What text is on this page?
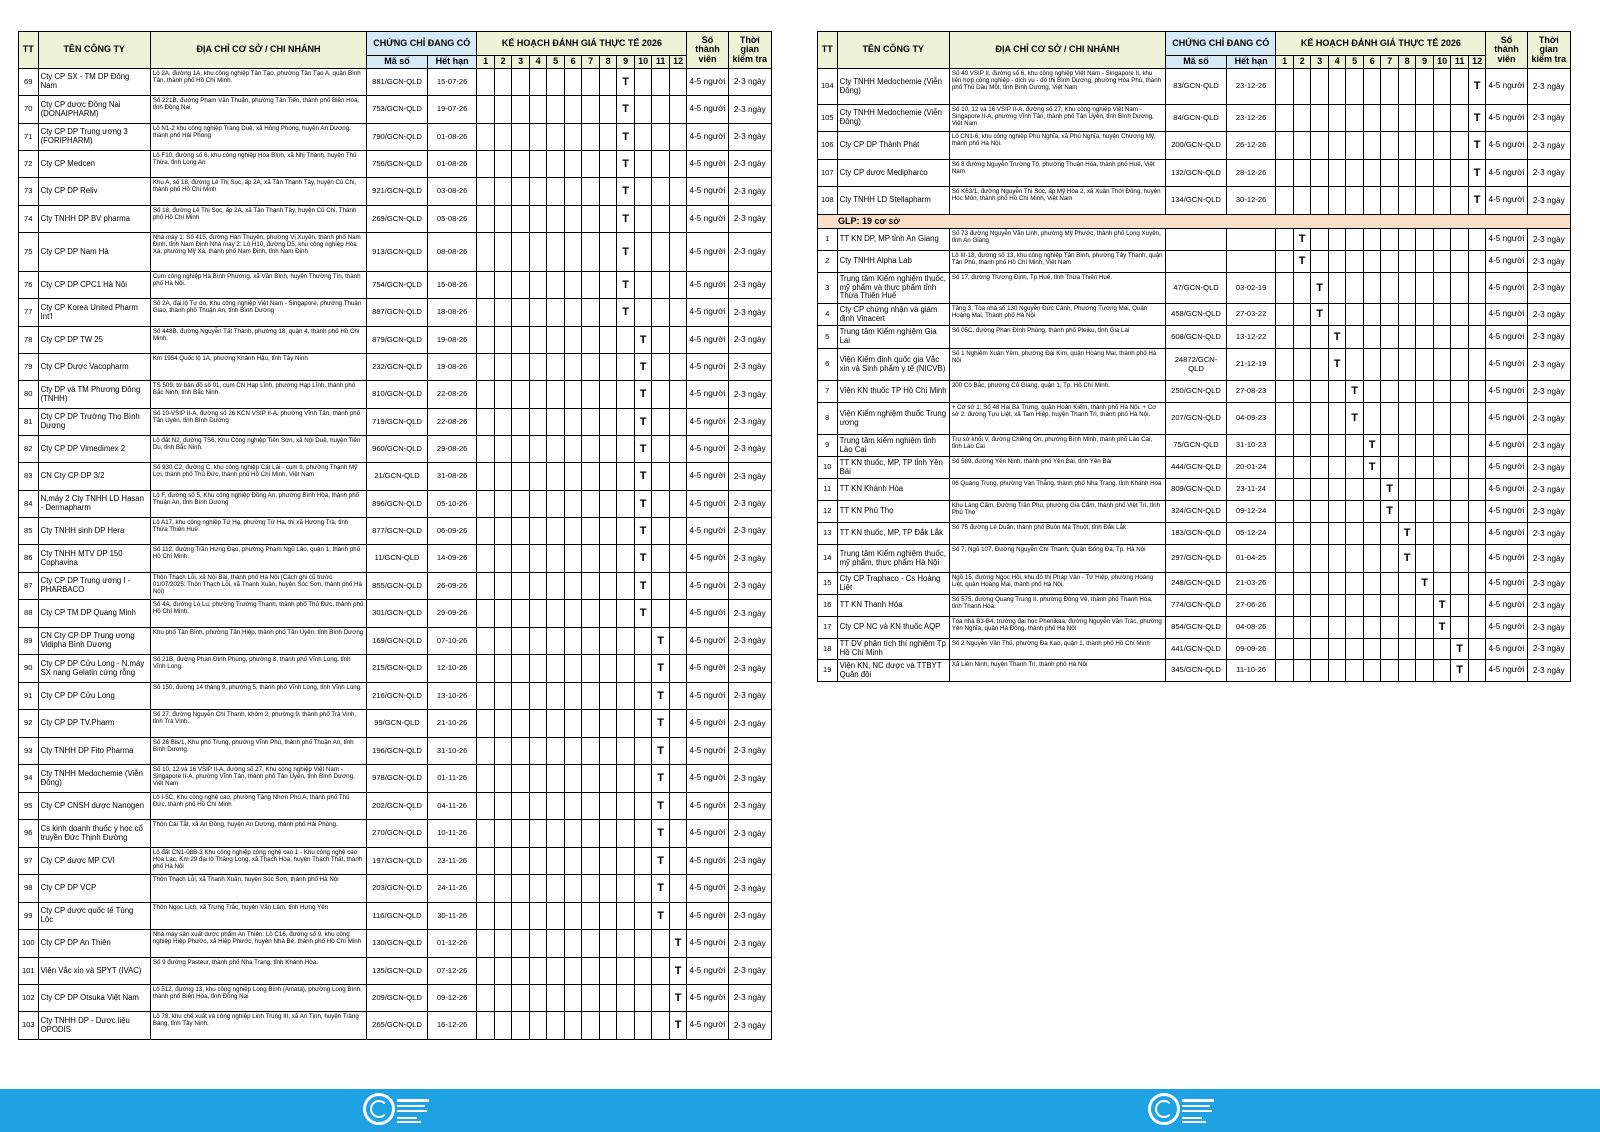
TT	TÊN CÔNG TY	ĐỊA CHỈ CƠ SỞ / CHI NHÁNH	CHỨNG CHỈ ĐANG CÓ		KẾ HOẠCH ĐÁNH GIÁ THỰC TẾ 2026												Số thành viên	Thời gian kiểm tra
			Mã số	Hết hạn	1	2	3	4	5	6	7	8	9	10	11	12		
69	Cty CP SX - TM DP Đông Nam	Lô 2A, đường 1A, khu công nghiệp Tân Tạo, phường Tân Tạo A, quận Bình Tân, thành phố Hồ Chí Minh.	881/GCN-QLD	15-07-26									T				4-5 người	2-3 ngày
70	Cty CP dược Đồng Nai (DONAIPHARM)	Số 221B, đường Phạm Văn Thuận, phường Tân Tiến, thành phố Biên Hòa, tỉnh Đồng Nai.	753/GCN-QLD	19-07-26									T				4-5 người	2-3 ngày
71	Cty CP DP Trung ương 3 (FORIPHARM)	Lô N1-2 khu công nghiệp Tràng Duệ, xã Hồng Phong, huyện An Dương, thành phố Hải Phòng	790/GCN-QLD	01-08-26									T				4-5 người	2-3 ngày
72	Cty CP Medcen	Lô F10, đường số 6, khu công nghiệp Hòa Bình, xã Nhị Thành, huyện Thủ Thừa, tỉnh Long An	756/GCN-QLD	01-08-26									T				4-5 người	2-3 ngày
73	Cty CP DP Reliv	Khu A, số 18, đường Lê Thị Sọc, ấp 2A, xã Tân Thạnh Tây, huyện Củ Chi, thành phố Hồ Chí Minh	921/GCN-QLD	03-08-26									T				4-5 người	2-3 ngày
74	Cty TNHH DP BV pharma	Số 18, đường Lê Thị Sọc, ấp 2A, xã Tân Thạnh Tây, huyện Củ Chi, Thành phố Hồ Chí Minh	269/GCN-QLD	05-08-26									T				4-5 người	2-3 ngày
75	Cty CP DP Nam Hà	Nhà máy 1: Số 415, đường Hàn Thuyên, phường Vị Xuyên, thành phố Nam Định, tỉnh Nam Định Nhà máy 2: Lô H10, đường D5, khu công nghiệp Hòa Xá, phường Mỹ Xá, thành phố Nam Định, tỉnh Nam Định	913/GCN-QLD	08-08-26									T				4-5 người	2-3 ngày
76	Cty CP DP CPC1 Hà Nội	Cụm công nghiệp Hà Bình Phương, xã Văn Bình, huyện Thường Tín, thành phố Hà Nội.	754/GCN-QLD	15-08-26									T				4-5 người	2-3 ngày
77	Cty CP Korea United Pharm Int'l	Số 2A, đại lộ Tự do, Khu công nghiệp Việt Nam - Singapore, phường Thuận Giao, thành phố Thuận An, tỉnh Bình Dương	887/GCN-QLD	18-08-26									T				4-5 người	2-3 ngày
78	Cty CP DP TW 25	Số 448B, đường Nguyễn Tất Thành, phường 18, quận 4, thành phố Hồ Chí Minh.	879/GCN-QLD	19-08-26										T			4-5 người	2-3 ngày
79	Cty CP Dược Vacopharm	Km 1954 Quốc lộ 1A, phường Khánh Hậu, tỉnh Tây Ninh	232/GCN-QLD	19-08-26										T			4-5 người	2-3 ngày
80	Cty DP và TM Phương Đông (TNHH)	TS 509, tờ bản đồ số 01, cụm CN Hạp Lĩnh, phường Hạp Lĩnh, thành phố Bắc Ninh, tỉnh Bắc Ninh.	810/GCN-QLD	22-08-26										T			4-5 người	2-3 ngày
81	Cty CP DP Trường Thọ Bình Dương	Số 10-VSIP II-A, đường số 26 KCN VSIP II-A, phường Vĩnh Tân, thành phố Tân Uyên, tỉnh Bình Dương	719/GCN-QLD	22-08-26										T			4-5 người	2-3 ngày
82	Cty CP DP Vimedimex 2	Lô đất N2, đường TS6, Khu Công nghiệp Tiên Sơn, xã Nội Duệ, huyện Tiên Du, tỉnh Bắc Ninh.	960/GCN-QLD	29-08-26										T			4-5 người	2-3 ngày
83	CN Cty CP DP 3/2	Số 930 C2, đường C, khu công nghiệp Cát Lái - cụm II, phường Thạnh Mỹ Lợi, thành phố Thủ Đức, thành phố Hồ Chí Minh, Việt Nam	21/GCN-QLD	31-08-26										T			4-5 người	2-3 ngày
84	N.máy 2 Cty TNHH LD Hasan - Dermapharm	Lô F, đường số 5, Khu công nghiệp Đồng An, phường Bình Hòa, thành phố Thuận An, tỉnh Bình Dương	896/GCN-QLD	05-10-26										T			4-5 người	2-3 ngày
85	Cty TNHH sinh DP Hera	Lô A17, khu công nghiệp Tứ Hạ, phường Tứ Hạ, thị xã Hương Trà, tỉnh Thừa Thiên Huế	877/GCN-QLD	06-09-26										T			4-5 người	2-3 ngày
86	Cty TNHH MTV DP 150 Cophavina	Số 112, đường Trần Hưng Đạo, phường Phạm Ngũ Lão, quận 1, thành phố Hồ Chí Minh.	11/GCN-QLD	14-09-26										T			4-5 người	2-3 ngày
87	Cty CP DP Trung ương I - PHARBACO	Thôn Thạch Lỗi, xã Nội Bài, thành phố Hà Nội (Cách ghi cũ trước 01/07/2025: Thôn Thạch Lỗi, xã Thanh Xuân, huyện Sóc Sơn, thành phố Hà Nội)	855/GCN-QLD	26-09-26										T			4-5 người	2-3 ngày
88	Cty CP TM DP Quang Minh	Số 4A, đường Lò Lu, phường Trường Thạnh, thành phố Thủ Đức, thành phố Hồ Chí Minh.	301/GCN-QLD	29-09-26										T			4-5 người	2-3 ngày
89	CN Cty CP DP Trung ương Vidipha Bình Dương	Khu phố Tân Bình, phường Tân Hiệp, thành phố Tân Uyên, tỉnh Bình Dương	169/GCN-QLD	07-10-26											T		4-5 người	2-3 ngày
90	Cty CP DP Cửu Long - N.máy SX nang Gelatin cứng rỗng	Số 21B, đường Phan Đình Phùng, phường 8, thành phố Vĩnh Long, tỉnh Vĩnh Long.	215/GCN-QLD	12-10-26											T		4-5 người	2-3 ngày
91	Cty CP DP Cửu Long	Số 150, đường 14 tháng 9, phường 5, thành phố Vĩnh Long, tỉnh Vĩnh Long.	216/GCN-QLD	13-10-26											T		4-5 người	2-3 ngày
92	Cty CP DP TV.Pharm	Số 27, đường Nguyễn Chí Thanh, khóm 2, phường 9, thành phố Trà Vinh, tỉnh Trà Vinh.	99/GCN-QLD	21-10-26											T		4-5 người	2-3 ngày
93	Cty TNHH DP Fito Pharma	Số 26 Bis/1, Khu phố Trung, phường Vĩnh Phú, thành phố Thuận An, tỉnh Bình Dương.	196/GCN-QLD	31-10-26											T		4-5 người	2-3 ngày
94	Cty TNHH Medochemie (Viễn Đông)	Số 10, 12 và 16 VSIP II-A, đường số 27, Khu công nghiệp Việt Nam - Singapore II-A, phường Vĩnh Tân, thành phố Tân Uyên, tỉnh Bình Dương, Việt Nam	978/GCN-QLD	01-11-26											T		4-5 người	2-3 ngày
95	Cty CP CNSH dược Nanogen	Lô I-5C, Khu công nghệ cao, phường Tăng Nhơn Phú A, thành phố Thủ Đức, thành phố Hồ Chí Minh	202/GCN-QLD	04-11-26											T		4-5 người	2-3 ngày
96	Cs kinh doanh thuốc y học cổ truyền Đức Thịnh Đường	Thôn Cái Tắt, xã An Đồng, huyện An Dương, thành phố Hải Phòng.	270/GCN-QLD	10-11-26											T		4-5 người	2-3 ngày
97	Cty CP dược MP CVI	Lô đất CN1-08B-3 Khu công nghiệp công nghệ cao 1 - Khu công nghệ cao Hòa Lạc, Km 29 đại lộ Thăng Long, xã Thạch Hòa, huyện Thạch Thất, thành phố Hà Nội	197/GCN-QLD	23-11-26											T		4-5 người	2-3 ngày
98	Cty CP DP VCP	Thôn Thạch Lỗi, xã Thanh Xuân, huyện Sóc Sơn, thành phố Hà Nội	203/GCN-QLD	24-11-26											T		4-5 người	2-3 ngày
99	Cty CP dược quốc tế Tùng Lộc	Thôn Ngọc Lịch, xã Trưng Trắc, huyện Văn Lâm, tỉnh Hưng Yên	116/GCN-QLD	30-11-26											T		4-5 người	2-3 ngày
100	Cty CP DP An Thiên	Nhà máy sản xuất dược phẩm An Thiên: Lô C16, đường số 9, khu công nghiệp Hiệp Phước, xã Hiệp Phước, huyện Nhà Bè, thành phố Hồ Chí Minh	130/GCN-QLD	01-12-26												T	4-5 người	2-3 ngày
101	Viện Vắc xin và SPYT (IVAC)	Số 9 đường Pasteur, thành phố Nha Trang, tỉnh Khánh Hòa.	135/GCN-QLD	07-12-26												T	4-5 người	2-3 ngày
102	Cty CP DP Otsuka Việt Nam	Lô 512, đường 13, khu công nghiệp Long Bình (Amata), phường Long Bình, thành phố Biên Hòa, tỉnh Đồng Nai	209/GCN-QLD	09-12-26												T	4-5 người	2-3 ngày
103	Cty TNHH DP - Dược liệu OPODIS	Lô 78, khu chế xuất và công nghiệp Linh Trung III, xã An Tịnh, huyện Trảng Bàng, tỉnh Tây Ninh.	265/GCN-QLD	16-12-26												T	4-5 người	2-3 ngày
TT	TÊN CÔNG TY	ĐỊA CHỈ CƠ SỞ / CHI NHÁNH	CHỨNG CHỈ ĐANG CÓ		KẾ HOẠCH ĐÁNH GIÁ THỰC TẾ 2026												Số thành viên	Thời gian kiểm tra
			Mã số	Hết hạn	1	2	3	4	5	6	7	8	9	10	11	12		
104	Cty TNHH Medochemie (Viễn Đông)	Số 40 VSIP II, đường số 6, khu công nghiệp Việt Nam - Singapore II, khu liên hợp công nghiệp - dịch vụ - đô thị Bình Dương, phường Hòa Phú, thành phố Thủ Dầu Một, tỉnh Bình Dương, Việt Nam	83/GCN-QLD	23-12-26												T	4-5 người	2-3 ngày
105	Cty TNHH Medochemie (Viễn Đông)	Số 10, 12 và 16 VSIP II-A, đường số 27, Khu công nghiệp Việt Nam - Singapore II-A, phường Vĩnh Tân, thành phố Tân Uyên, tỉnh Bình Dương, Việt Nam	84/GCN-QLD	23-12-26												T	4-5 người	2-3 ngày
106	Cty CP DP Thành Phát	Lô CN1-6, khu công nghiệp Phú Nghĩa, xã Phú Nghĩa, huyện Chương Mỹ, thành phố Hà Nội.	200/GCN-QLD	26-12-26												T	4-5 người	2-3 ngày
107	Cty CP dược Medipharco	Số 8 đường Nguyễn Trường Tộ, phường Thuận Hòa, thành phố Huế, Việt Nam	132/GCN-QLD	28-12-26												T	4-5 người	2-3 ngày
108	Cty TNHH LD Stellapharm	Số K63/1, đường Nguyễn Thị Sóc, ấp Mỹ Hòa 2, xã Xuân Thới Đông, huyện Hóc Môn, thành phố Hồ Chí Minh, Việt Nam	134/GCN-QLD	30-12-26												T	4-5 người	2-3 ngày
GLP: 19 cơ sở																		
1	TT KN DP, MP tỉnh An Giang	Số 73 đường Nguyễn Văn Linh, phường Mỹ Phước, thành phố Long Xuyên, tỉnh An Giang				T											4-5 người	2-3 ngày
2	Cty TNHH Alpha Lab	Lô III-18, đường số 13, khu công nghiệp Tân Bình, phường Tây Thạnh, quận Tân Phú, thành phố Hồ Chí Minh, Việt Nam				T											4-5 người	2-3 ngày
3	Trung tâm Kiểm nghiệm thuốc, mỹ phẩm và thực phẩm tỉnh Thừa Thiên Huế	Số 17, đường Trương Định, Tp Huế, tỉnh Thừa Thiên Huế.	47/GCN-QLD	03-02-19			T										4-5 người	2-3 ngày
4	Cty CP chứng nhận và giám định Vinacert	Tầng 3, Tòa nhà số 130 Nguyễn Đức Cảnh, Phường Tương Mai, Quận Hoàng Mai, Thành phố Hà Nội	458/GCN-QLD	27-03-22			T										4-5 người	2-3 ngày
5	Trung tâm Kiểm nghiệm Gia Lai	Số 05C, đường Phan Đình Phùng, thành phố Pleiku, tỉnh Gia Lai	608/GCN-QLD	13-12-22				T									4-5 người	2-3 ngày
6	Viện Kiểm định quốc gia Vắc xin và Sinh phẩm y tế (NICVB)	Số 1 Nghiêm Xuân Yêm, phường Đại Kim, quận Hoàng Mai, thành phố Hà Nội	24872/GCN-QLD	21-12-19				T									4-5 người	2-3 ngày
7	Viện KN thuốc TP Hồ Chí Minh	200 Cô Bắc, phường Cô Giang, quận 1, Tp. Hồ Chí Minh.	250/GCN-QLD	27-08-23					T								4-5 người	2-3 ngày
8	Viện Kiểm nghiệm thuốc Trung ương	+ Cơ sở 1: Số 48 Hai Bà Trưng, quận Hoàn Kiếm, thành phố Hà Nội. + Cơ sở 2: đường Tựu Liệt, xã Tam Hiệp, huyện Thanh Trì, thành phố Hà Nội.	207/GCN-QLD	04-09-23					T								4-5 người	2-3 ngày
9	Trung tâm kiểm nghiệm tỉnh Lào Cai	Trụ sở khối V, đường Chiềng On, phường Bình Minh, thành phố Lào Cai, tỉnh Lào Cai	75/GCN-QLD	31-10-23						T							4-5 người	2-3 ngày
10	TT KN thuốc, MP, TP tỉnh Yên Bái	Số 589, đường Yên Ninh, thành phố Yên Bái, tỉnh Yên Bái	444/GCN-QLD	20-01-24						T							4-5 người	2-3 ngày
11	TT KN Khánh Hòa	06 Quang Trung, phường Vạn Thắng, thành phố Nha Trang, tỉnh Khánh Hòa	809/GCN-QLD	23-11-24							T						4-5 người	2-3 ngày
12	TT KN Phú Thọ	Khu Láng Cấm, Đường Trần Phú, phường Gia Cẩm, thành phố Việt Trì, tỉnh Phú Thọ	324/GCN-QLD	09-12-24							T						4-5 người	2-3 ngày
13	TT KN thuốc, MP, TP Đắk Lắk	Số 75 đường Lê Duẩn, thành phố Buôn Ma Thuột, tỉnh Đắk Lắk	183/GCN-QLD	05-12-24								T					4-5 người	2-3 ngày
14	Trung tâm Kiểm nghiệm thuốc, mỹ phẩm, thực phẩm Hà Nội	Số 7, Ngõ 107, Đường Nguyễn Chí Thanh, Quận Đống Đa, Tp. Hà Nội	297/GCN-QLD	01-04-25								T					4-5 người	2-3 ngày
15	Cty CP Traphaco - Cs Hoàng Liệt	Ngõ 15, đường Ngọc Hồi, khu đô thị Pháp Vân - Tứ Hiệp, phường Hoàng Liệt, quận Hoàng Mai, thành phố Hà Nội.	248/GCN-QLD	21-03-26									T				4-5 người	2-3 ngày
16	TT KN Thanh Hóa	Số 575, đường Quang Trung II, phường Đông Vệ, thành phố Thanh Hóa, tỉnh Thanh Hóa.	774/GCN-QLD	27-06-26										T			4-5 người	2-3 ngày
17	Cty CP NC và KN thuốc AQP	Tòa nhà B3-B4, trường đại học Phenikaa, đường Nguyễn Văn Trác, phường Yên Nghĩa, quận Hà Đông, thành phố Hà Nội	854/GCN-QLD	04-08-26										T			4-5 người	2-3 ngày
18	TT DV phân tích thí nghiệm Tp Hồ Chí Minh	Số 2 Nguyễn Văn Thủ, phường Đa Kao, quận 1, thành phố Hồ Chí Minh	441/GCN-QLD	09-09-26											T		4-5 người	2-3 ngày
19	Viện KN, NC dược và TTBYT Quân đội	Xã Liên Ninh, huyện Thanh Trì, thành phố Hà Nội	345/GCN-QLD	11-10-26											T		4-5 người	2-3 ngày
